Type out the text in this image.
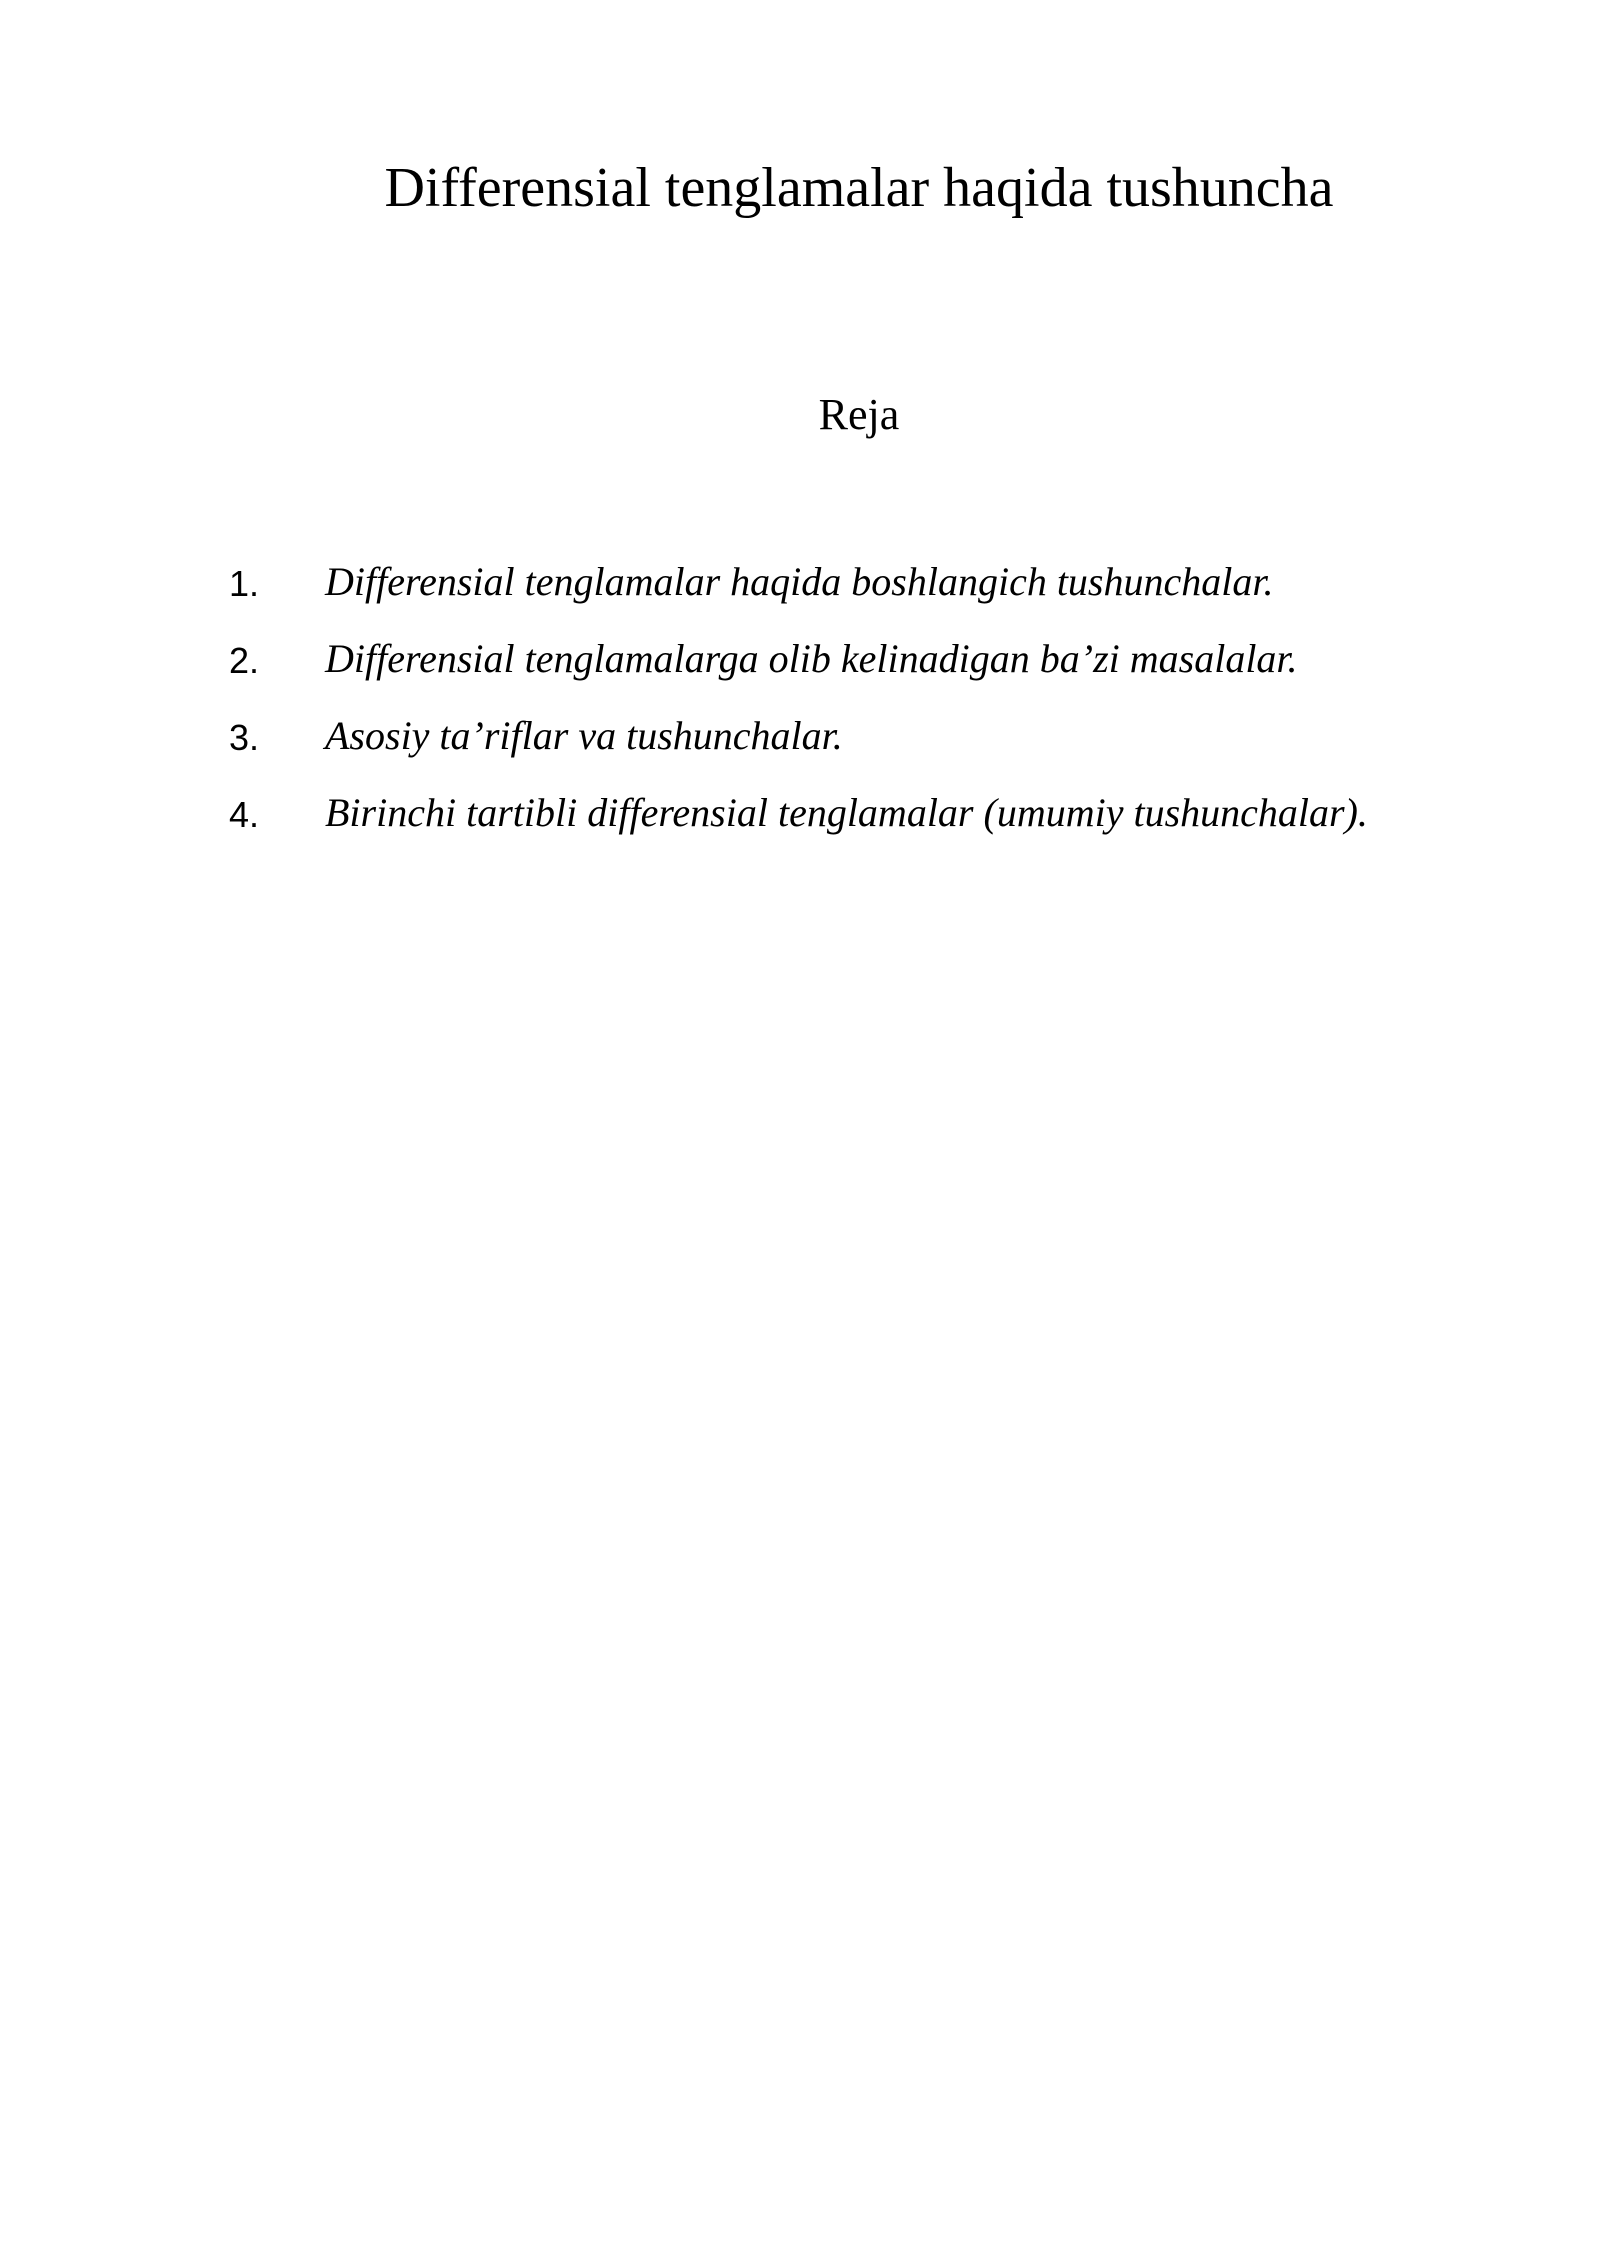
Differensial tenglamalar haqida tushuncha
Reja
1. Differensial tenglamalar haqida boshlangich tushunchalar.
2. Differensial tenglamalarga olib kelinadigan ba’zi masalalar.
3. Asosiy ta’riflar va tushunchalar.
4. Birinchi tartibli differensial tenglamalar (umumiy tushunchalar).
